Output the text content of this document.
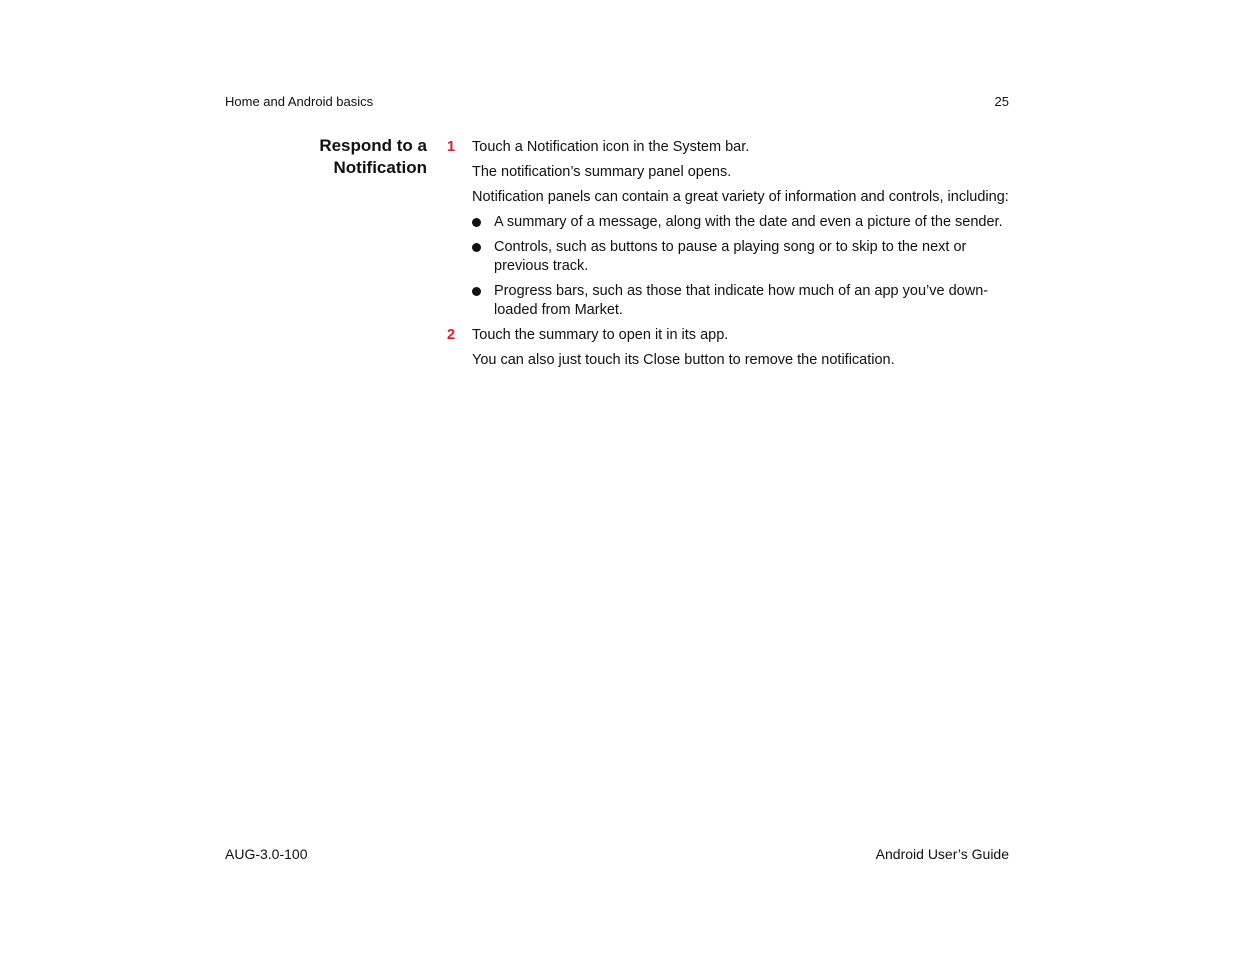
Home and Android basics	25
Respond to a
Notification
1 Touch a Notification icon in the System bar.
The notification’s summary panel opens.
Notification panels can contain a great variety of information and controls, including:
A summary of a message, along with the date and even a picture of the sender.
Controls, such as buttons to pause a playing song or to skip to the next or previous track.
Progress bars, such as those that indicate how much of an app you’ve down-loaded from Market.
2 Touch the summary to open it in its app.
You can also just touch its Close button to remove the notification.
AUG-3.0-100	Android User’s Guide
